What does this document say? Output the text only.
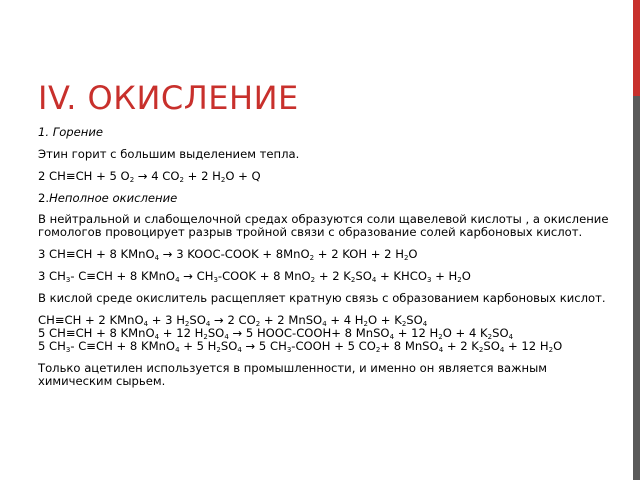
IV. ОКИСЛЕНИЕ

1. Горение

Этин горит с большим выделением тепла.

2 CH≡CH + 5 $O_2 \to 4$ $CO_2 + 2$ $H_2O + Q$

2.Неполное окисление

В нейтральной и слабощелочной средах образуются соли щавелевой кислоты , а окисление гомологов провоцирует разрыв тройной связи с образование солей карбоновых кислот.

3 CH≡CH + 8 KMnO$_4$ → 3 KOOC-COOK + 8MnO$_2$ + 2 KOH + 2 $H_2O$

3 $CH_3-$ C≡CH + 8 KMnO$_4$ → $CH_3$-COOK + 8 MnO$_2$ + 2 $K_2SO_4$ + $KHCO_3 + H_2O$

В кислой среде окислитель расщепляет кратную связь с образованием карбоновых кислот.

CH≡CH + 2 KMnO$_4$ + 3 $H_2SO_4 \to 2$ $CO_2 + 2$ MnSO$_4$ + 4 $H_2O + K_2SO_4$

5 CH≡CH + 8 KMnO$_4$ + 12 $H_2SO_4 \to 5$ HOOC-COOH+ 8 MnSO$_4$ + 12 $H_2O + 4$ $K_2SO_4$

5 $CH_3-$ C≡CH + 8 KMnO$_4$ + 5 $H_2SO_4 \to 5$ $CH_3$-COOH + 5 $CO_2+ 8$ MnSO$_4$ + 2 $K_2SO_4 + 12$ $H_2O$

Только ацетилен используется в промышленности, и именно он является важным химическим сырьем.
